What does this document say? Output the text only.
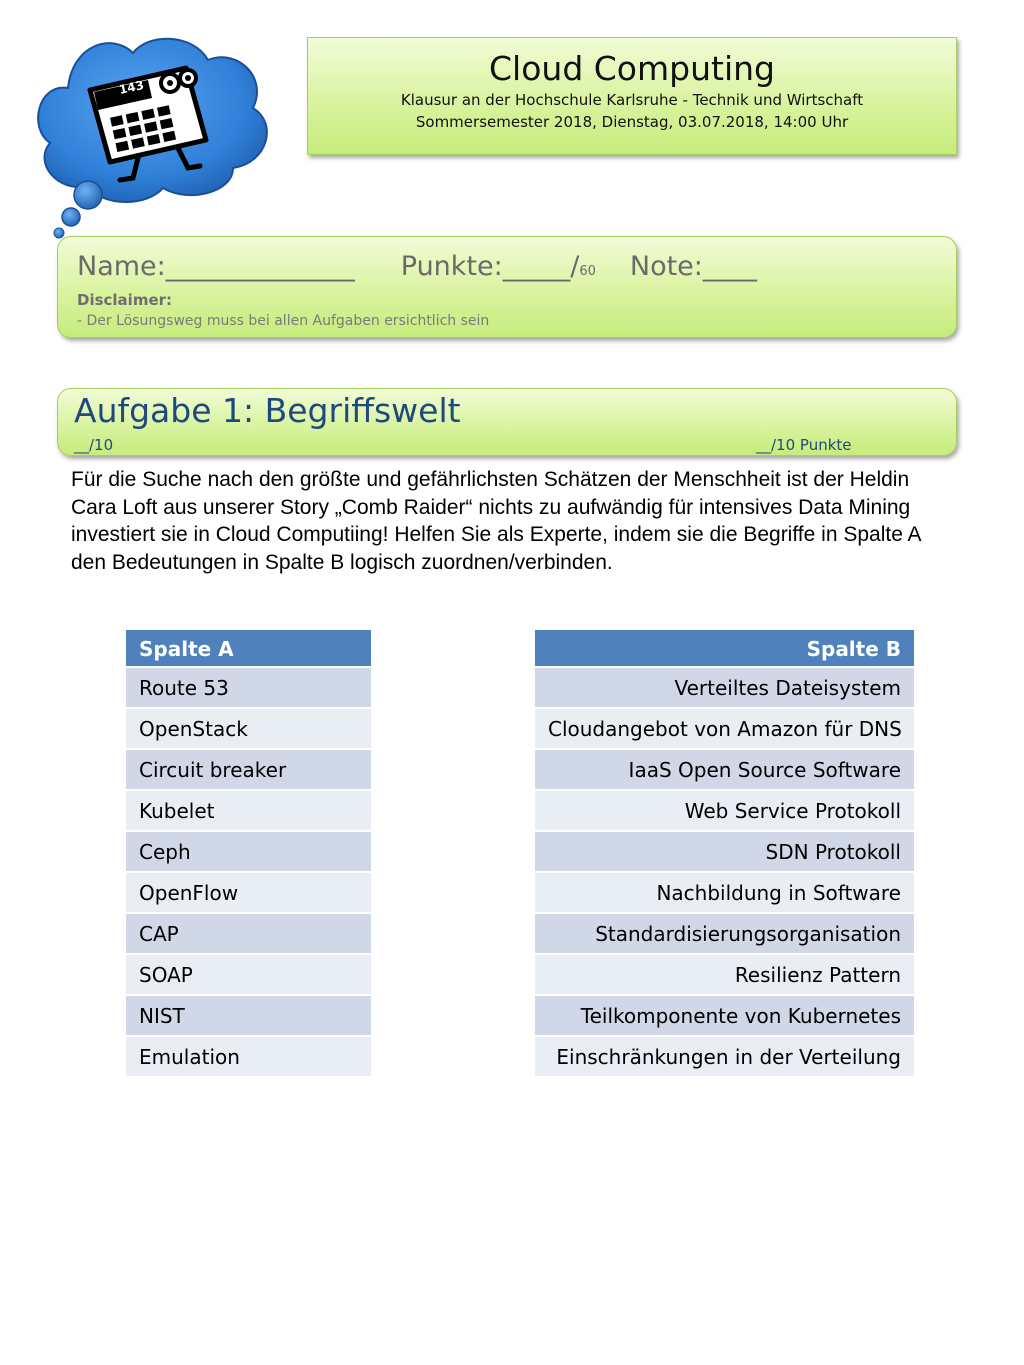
143	Cloud Computing
Klausur an der Hochschule Karlsruhe - Technik und Wirtschaft
Sommersemester 2018, Dienstag, 03.07.2018, 14:00 Uhr
Name:______________ Punkte:_____/60 Note:____
Disclaimer:
- Der Lösungsweg muss bei allen Aufgaben ersichtlich sein
Aufgabe 1: Begriffswelt
__/10	__/10 Punkte
Für die Suche nach den größte und gefährlichsten Schätzen der Menschheit ist der Heldin Cara Loft aus unserer Story „Comb Raider“ nichts zu aufwändig für intensives Data Mining investiert sie in Cloud Computiing! Helfen Sie als Experte, indem sie die Begriffe in Spalte A den Bedeutungen in Spalte B logisch zuordnen/verbinden.
Spalte A
Route 53
OpenStack
Circuit breaker
Kubelet
Ceph
OpenFlow
CAP
SOAP
NIST
Emulation
Spalte B
Verteiltes Dateisystem
Cloudangebot von Amazon für DNS
IaaS Open Source Software
Web Service Protokoll
SDN Protokoll
Nachbildung in Software
Standardisierungsorganisation
Resilienz Pattern
Teilkomponente von Kubernetes
Einschränkungen in der Verteilung
